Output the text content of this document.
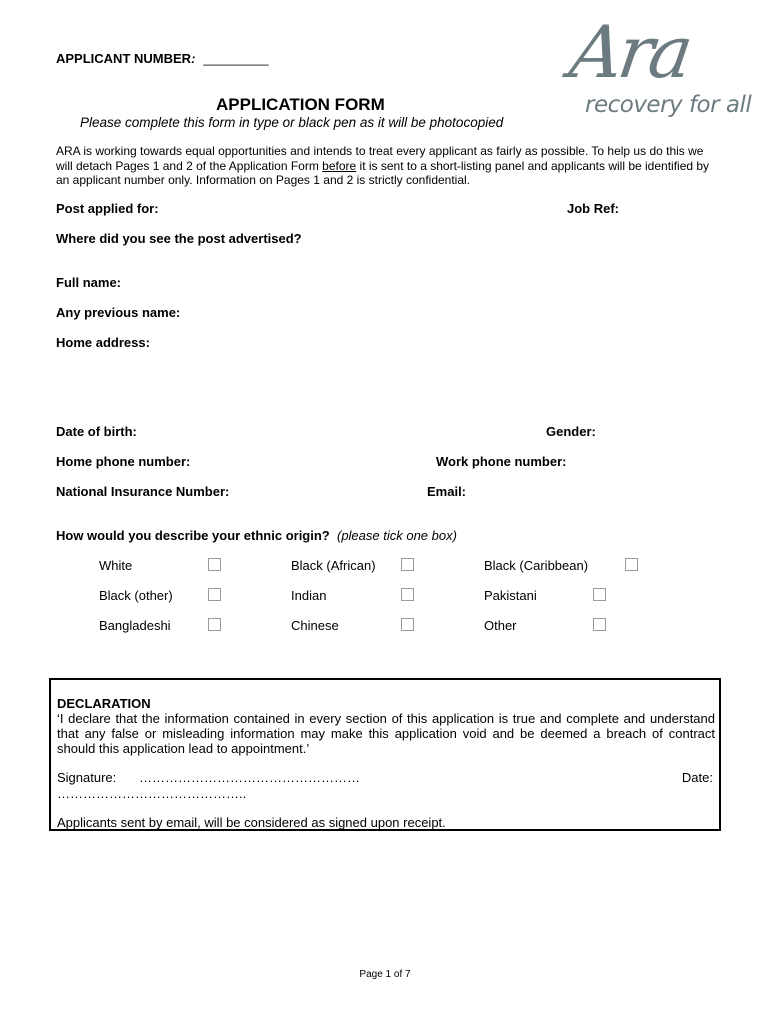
APPLICANT NUMBER: _________	Ara
recovery for all
APPLICATION FORM
Please complete this form in type or black pen as it will be photocopied
ARA is working towards equal opportunities and intends to treat every applicant as fairly as possible. To help us do this we will detach Pages 1 and 2 of the Application Form before it is sent to a short-listing panel and applicants will be identified by an applicant number only. Information on Pages 1 and 2 is strictly confidential.
Post applied for:	Job Ref:
Where did you see the post advertised?
Full name:
Any previous name:
Home address:
Date of birth:	Gender:
Home phone number:	Work phone number:
National Insurance Number:	Email:
How would you describe your ethnic origin? (please tick one box)
White	Black (African)	Black (Caribbean)
Black (other)	Indian	Pakistani
Bangladeshi	Chinese	Other
DECLARATION
‘I declare that the information contained in every section of this application is true and complete and understand that any false or misleading information may make this application void and be deemed a breach of contract should this application lead to appointment.’
Signature: ……………………………………………	Date:
……………………………………..
Applicants sent by email, will be considered as signed upon receipt.
Page 1 of 7
